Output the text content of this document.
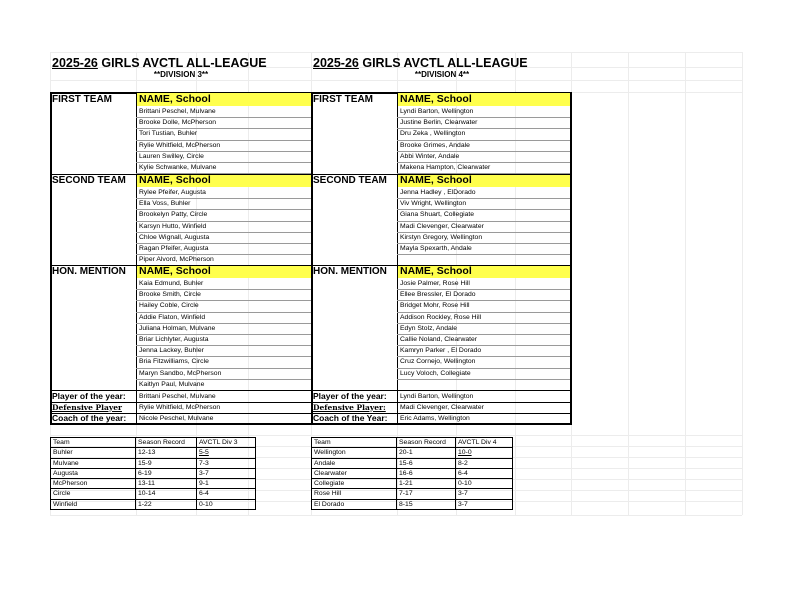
2025-26 GIRLS AVCTL ALL-LEAGUE
**DIVISION 3**
2025-26 GIRLS AVCTL ALL-LEAGUE
**DIVISION 4**
FIRST TEAM	NAME, School
Brittani Peschel, Mulvane
Brooke Dolle, McPherson
Tori Tustian, Buhler
Rylie Whitfield, McPherson
Lauren Swilley, Circle
Kylie Schwanke, Mulvane
SECOND TEAM NAME, School
Rylee Pfeifer, Augusta
Ella Voss, Buhler
Brookelyn Patty, Circle
Karsyn Hutto, Winfield
Chloe Wignall, Augusta
Ragan Pfeifer, Augusta
Piper Alvord, McPherson
HON. MENTION NAME, School
Kaia Edmund, Buhler
Brooke Smith, Circle
Hailey Coble, Circle
Addie Flaton, Winfield
Juliana Holman, Mulvane
Briar Lichlyter, Augusta
Jenna Lackey, Buhler
Bria Fitzwilliams, Circle
Maryn Sandbo, McPherson
Kaitlyn Paul, Mulvane
Player of the year: Brittani Peschel, Mulvane
Defensive Player	Rylie Whitfield, McPherson
Coach of the year: Nicole Peschel, Mulvane
FIRST TEAM	NAME, School
Lyndi Barton, Wellington
Justine Berlin, Clearwater
Dru Zeka , Wellington
Brooke Grimes, Andale
Abbi Winter, Andale
Makena Hampton, Clearwater
SECOND TEAM NAME, School
Jenna Hadley , ElDorado
Viv Wright, Wellington
Giana Shuart, Collegiate
Madi Clevenger, Clearwater
Kirstyn Gregory, Wellington
Mayla Spexarth, Andale
HON. MENTION NAME, School
Josie Palmer, Rose Hill
Ellee Bressler, El Dorado
Bridget Mohr, Rose Hill
Addison Rockley, Rose Hill
Edyn Stolz, Andale
Callie Noland, Clearwater
Kamryn Parker , El Dorado
Cruz Cornejo, Wellington
Lucy Voloch, Collegiate
Player of the year: Lyndi Barton, Wellington
Defensive Player: Madi Clevenger, Clearwater
Coach of the Year: Eric Adams, Wellington
Team	Season Record	AVCTL Div 3
Buhler	12-13	5-5
Mulvane	15-9	7-3
Augusta	6-19	3-7
McPherson	13-11	9-1
Circle	10-14	6-4
Winfield	1-22	0-10
Team	Season Record	AVCTL Div 4
Wellington	20-1	10-0
Andale	15-6	8-2
Clearwater	16-6	6-4
Collegiate	1-21	0-10
Rose Hill	7-17	3-7
El Dorado	8-15	3-7
